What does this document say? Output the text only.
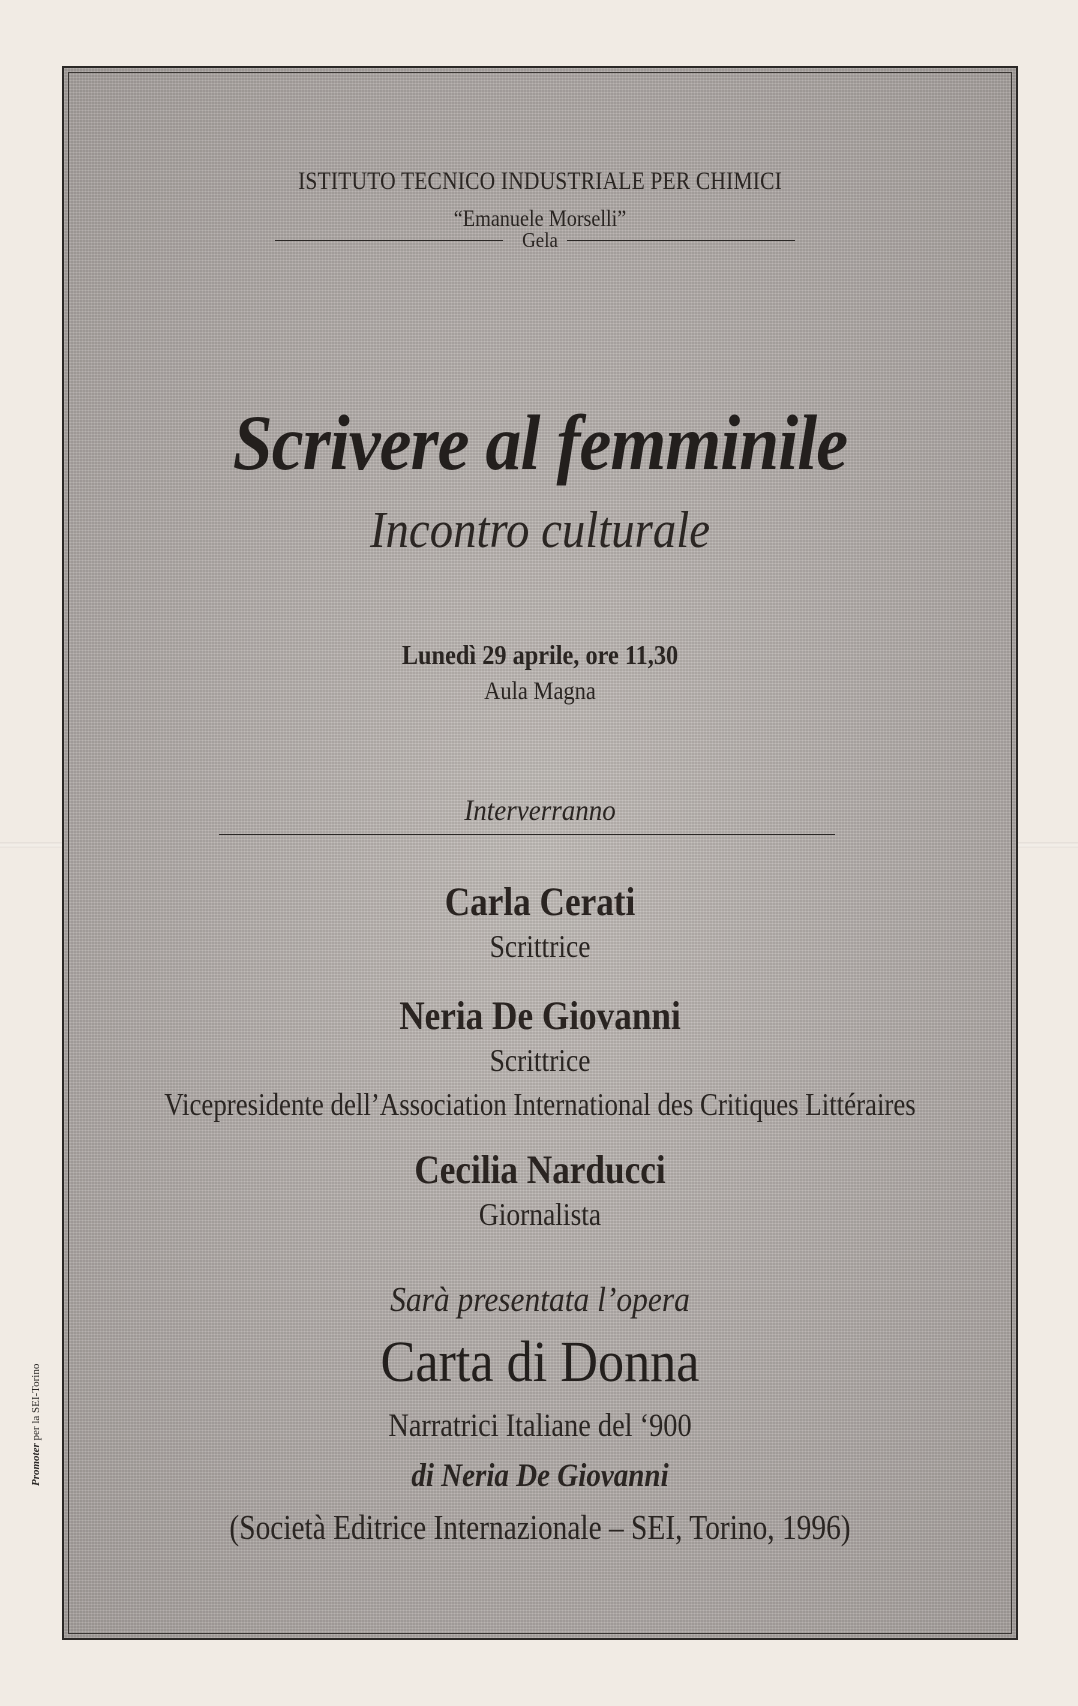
ISTITUTO TECNICO INDUSTRIALE PER CHIMICI
“Emanuele Morselli”
Gela
Scrivere al femminile
Incontro culturale
Lunedì 29 aprile, ore 11,30
Aula Magna
Interverranno
Carla Cerati
Scrittrice
Neria De Giovanni
Scrittrice
Vicepresidente dell’Association International des Critiques Littéraires
Cecilia Narducci
Giornalista
Sarà presentata l’opera
Carta di Donna
Narratrici Italiane del ‘900
di Neria De Giovanni
(Società Editrice Internazionale – SEI, Torino, 1996)
Promoter per la SEI-Torino
